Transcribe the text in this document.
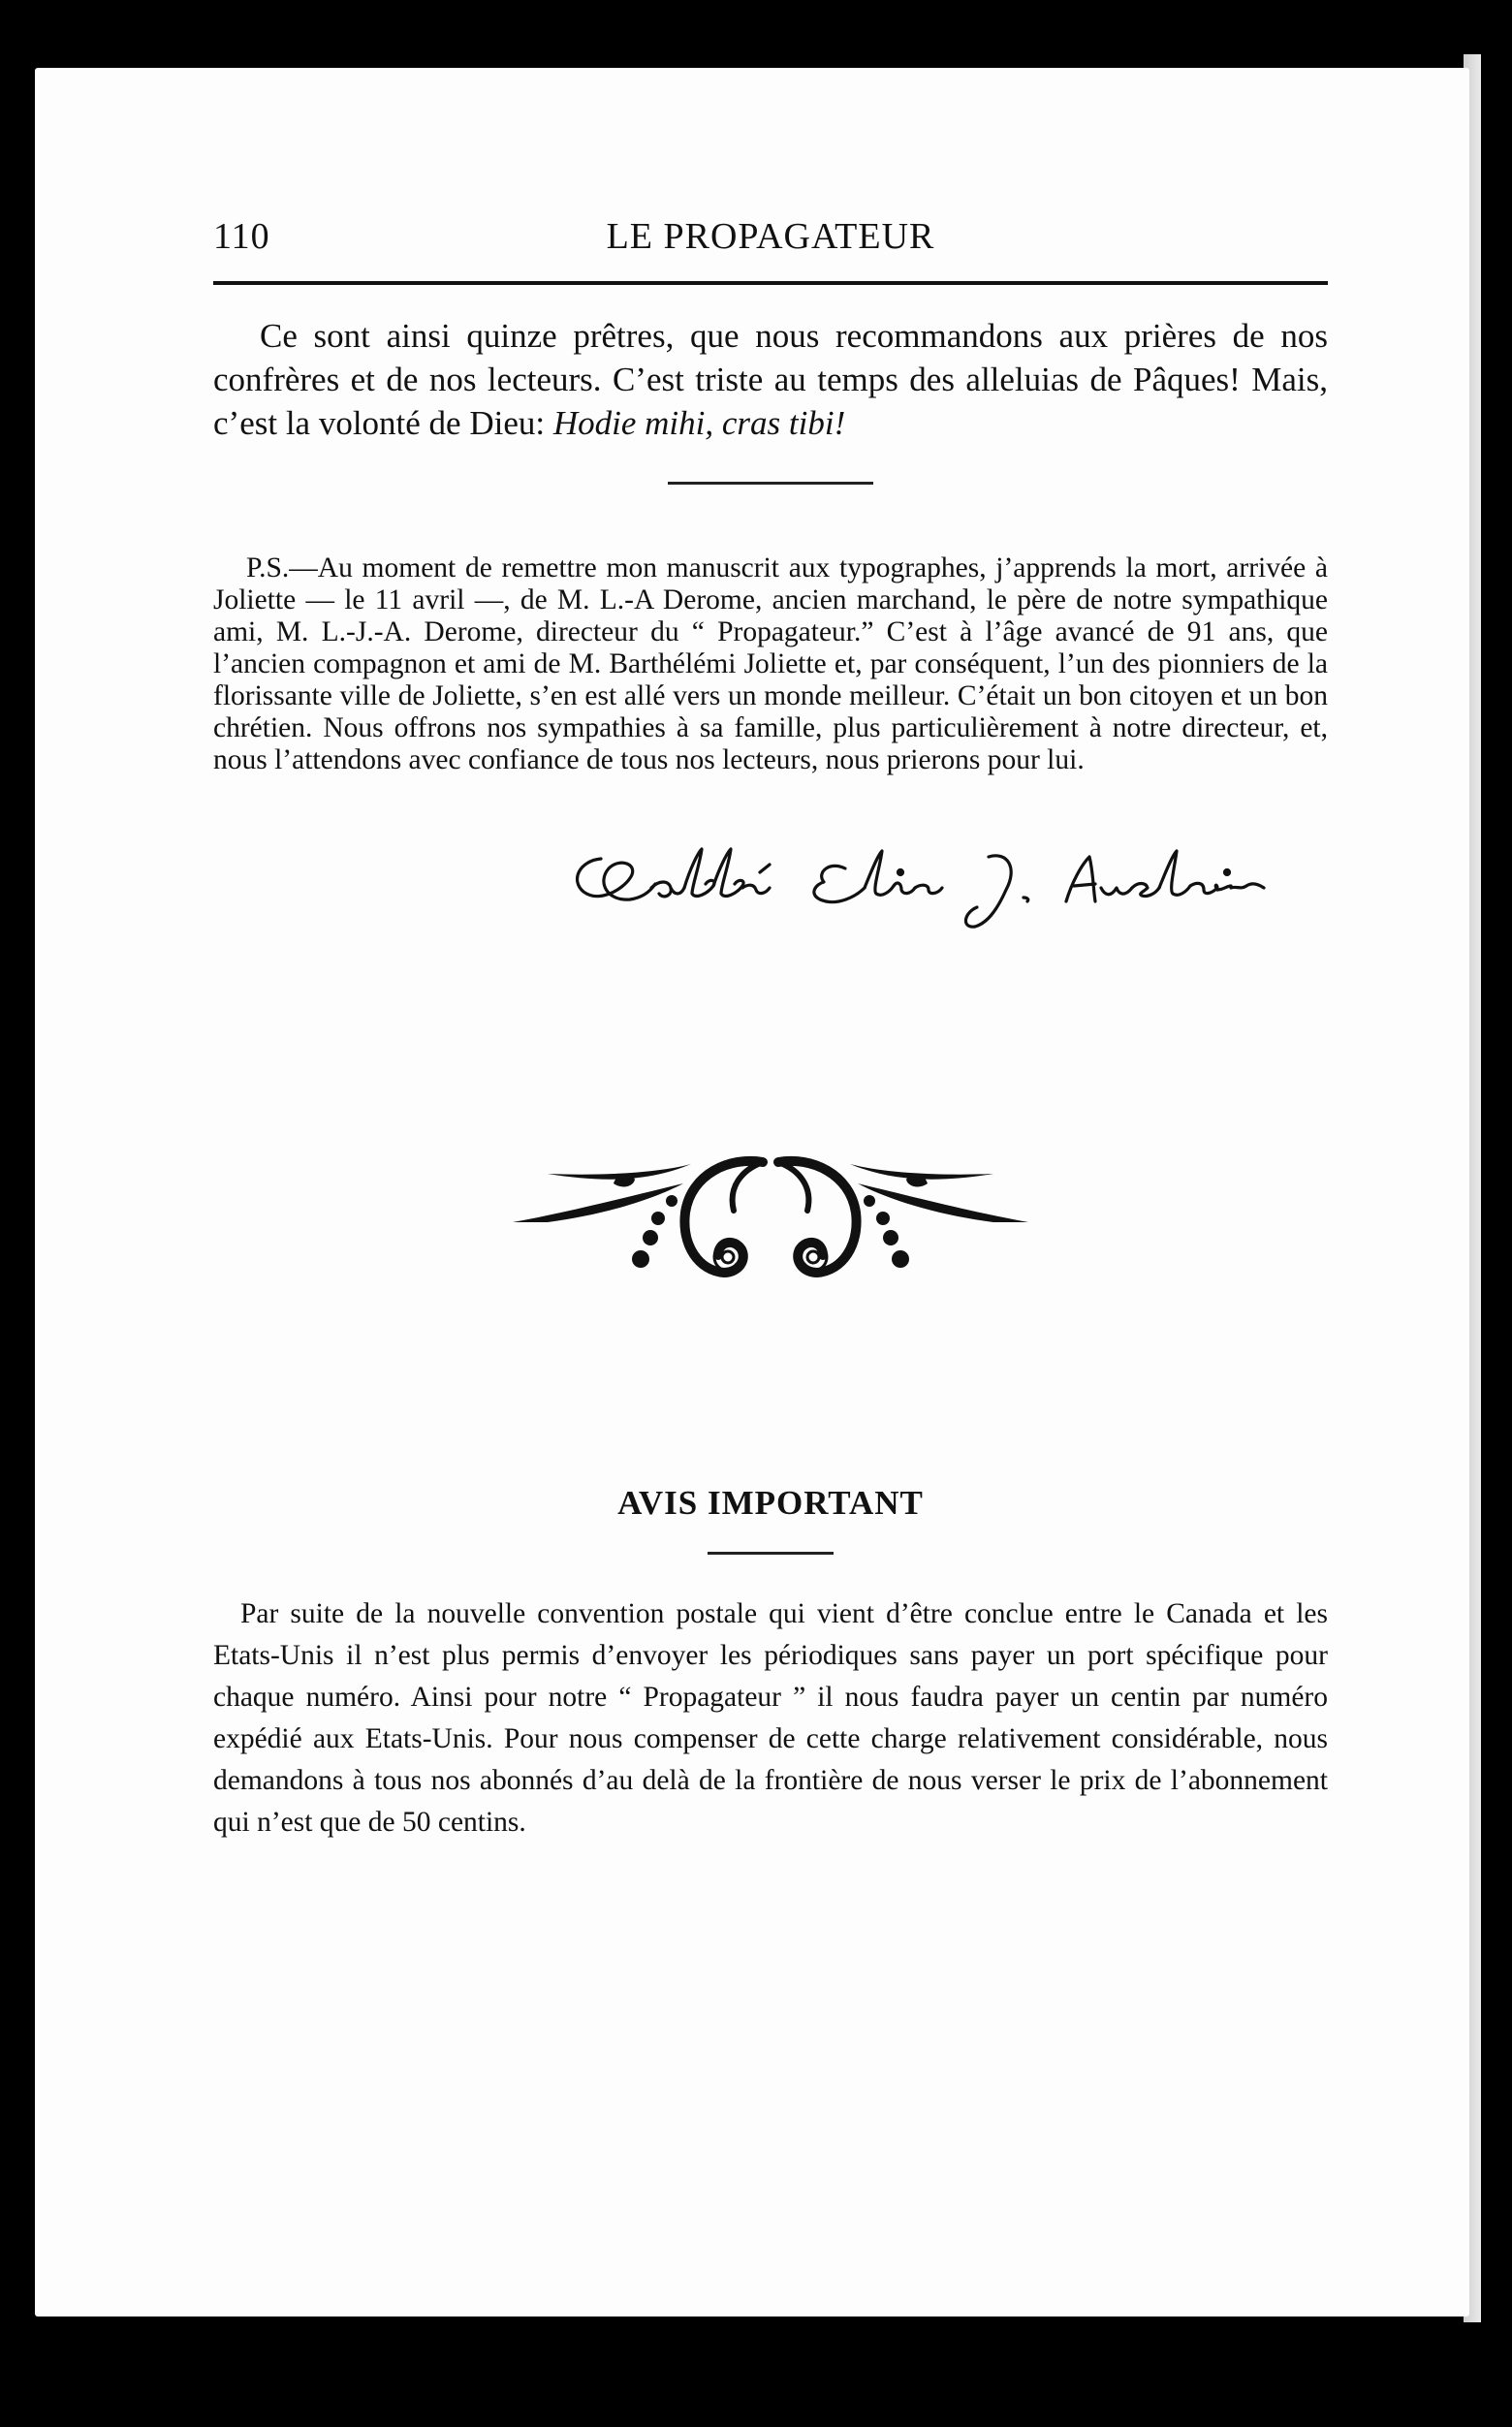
110	LE PROPAGATEUR

Ce sont ainsi quinze prêtres, que nous recommandons aux prières de nos confrères et de nos lecteurs. C’est triste au temps des alleluias de Pâques! Mais, c’est la volonté de Dieu: Hodie mihi, cras tibi!

P.S.—Au moment de remettre mon manuscrit aux typographes, j’apprends la mort, arrivée à Joliette — le 11 avril —, de M. L.-A Derome, ancien marchand, le père de notre sympathique ami, M. L.-J.-A. Derome, directeur du “ Propagateur.” C’est à l’âge avancé de 91 ans, que l’ancien compagnon et ami de M. Barthélémi Joliette et, par conséquent, l’un des pionniers de la florissante ville de Joliette, s’en est allé vers un monde meilleur. C’était un bon citoyen et un bon chrétien. Nous offrons nos sympathies à sa famille, plus particulièrement à notre directeur, et, nous l’attendons avec confiance de tous nos lecteurs, nous prierons pour lui.

AVIS IMPORTANT

Par suite de la nouvelle convention postale qui vient d’être conclue entre le Canada et les Etats-Unis il n’est plus permis d’envoyer les périodiques sans payer un port spécifique pour chaque numéro. Ainsi pour notre “ Propagateur ” il nous faudra payer un centin par numéro expédié aux Etats-Unis. Pour nous compenser de cette charge relativement considérable, nous demandons à tous nos abonnés d’au delà de la frontière de nous verser le prix de l’abonnement qui n’est que de 50 centins.
